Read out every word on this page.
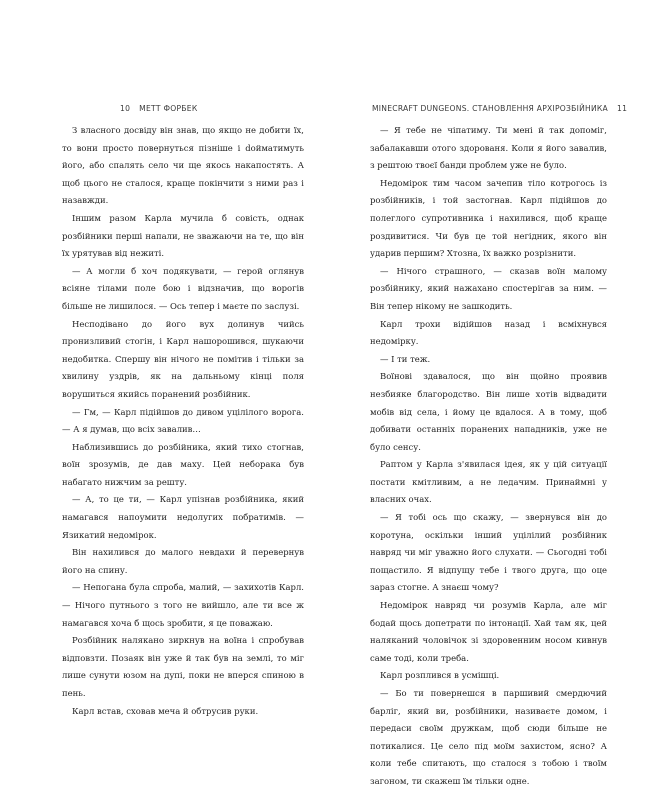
10 МЕТТ ФОРБЕК

З власного досвіду він знав, що якщо не добити їх, то вони просто повернуться пізніше і doйматимуть його, або спалять село чи ще якось накапостять. А щоб цього не сталося, краще покінчити з ними раз і назавжди.

Іншим разом Карла мучила б совість, однак розбійники перші напали, не зважаючи на те, що він їх урятував від нежиті.

— А могли б хоч подякувати, — герой оглянув всіяне тілами поле бою і відзначив, що ворогів більше не лишилося. — Ось тепер і маєте по заслузі.

Несподівано до його вух долинув чийсь пронизливий стогін, і Карл нашорошився, шукаючи недобитка. Спершу він нічого не помітив і тільки за хвилину уздрів, як на дальньому кінці поля ворушиться якийсь поранений розбійник.

— Гм, — Карл підійшов до дивом уцілілого ворога. — А я думав, що всіх завалив…

Наблизившись до розбійника, який тихо стогнав, воїн зрозумів, де дав маху. Цей неборака був набагато нижчим за решту.

— А, то це ти, — Карл упізнав розбійника, який намагався напоумити недолугих побратимів. — Язикатий недомірок.

Він нахилився до малого невдахи й перевернув його на спину.

— Непогана була спроба, малий, — захихотів Карл. — Нічого путнього з того не вийшло, але ти все ж намагався хоча б щось зробити, я це поважаю.

Розбійник налякано зиркнув на воїна і спробував відповзти. Позаяк він уже й так був на землі, то міг лише сунути юзом на дупі, поки не вперся спиною в пень.

Карл встав, сховав меча й обтрусив руки.

MINECRAFT DUNGEONS. СТАНОВЛЕННЯ АРХІРОЗБІЙНИКА 11

— Я тебе не чіпатиму. Ти мені й так допоміг, забалакавши отого здорованя. Коли я його завалив, з рештою твоєї банди проблем уже не було.

Недомірок тим часом зачепив тіло котрогось із розбійників, і той застогнав. Карл підійшов до полеглого супротивника і нахилився, щоб краще роздивитися. Чи був це той негідник, якого він ударив першим? Хтозна, їх важко розрізнити.

— Нічого страшного, — сказав воїн малому розбійнику, який нажахано спостерігав за ним. — Він тепер нікому не зашкодить.

Карл трохи відійшов назад і всміхнувся недомірку.

— І ти теж.

Воїнові здавалося, що він щойно проявив незбияке благородство. Він лише хотів відвадити мобів від села, і йому це вдалося. А в тому, щоб добивати останніх поранених нападників, уже не було сенсу.

Раптом у Карла з'явилася ідея, як у цій ситуації постати кмітливим, а не ледачим. Принаймні у власних очах.

— Я тобі ось що скажу, — звернувся він до коротуна, оскільки інший уцілілий розбійник навряд чи міг уважно його слухати. — Сьогодні тобі пощастило. Я відпущу тебе і твого друга, що оце зараз стогне. А знаєш чому?

Недомірок навряд чи розумів Карла, але міг бодай щось допетрати по інтонації. Хай там як, цей наляканий чоловічок зі здоровенним носом кивнув саме тоді, коли треба.

Карл розплився в усмішці.

— Бо ти повернешся в паршивий смердючий барліг, який ви, розбійники, називаєте домом, і передаси своїм дружкам, щоб сюди більше не потикалися. Це село під моїм захистом, ясно? А коли тебе спитають, що сталося з тобою і твоїм загоном, ти скажеш їм тільки одне.
